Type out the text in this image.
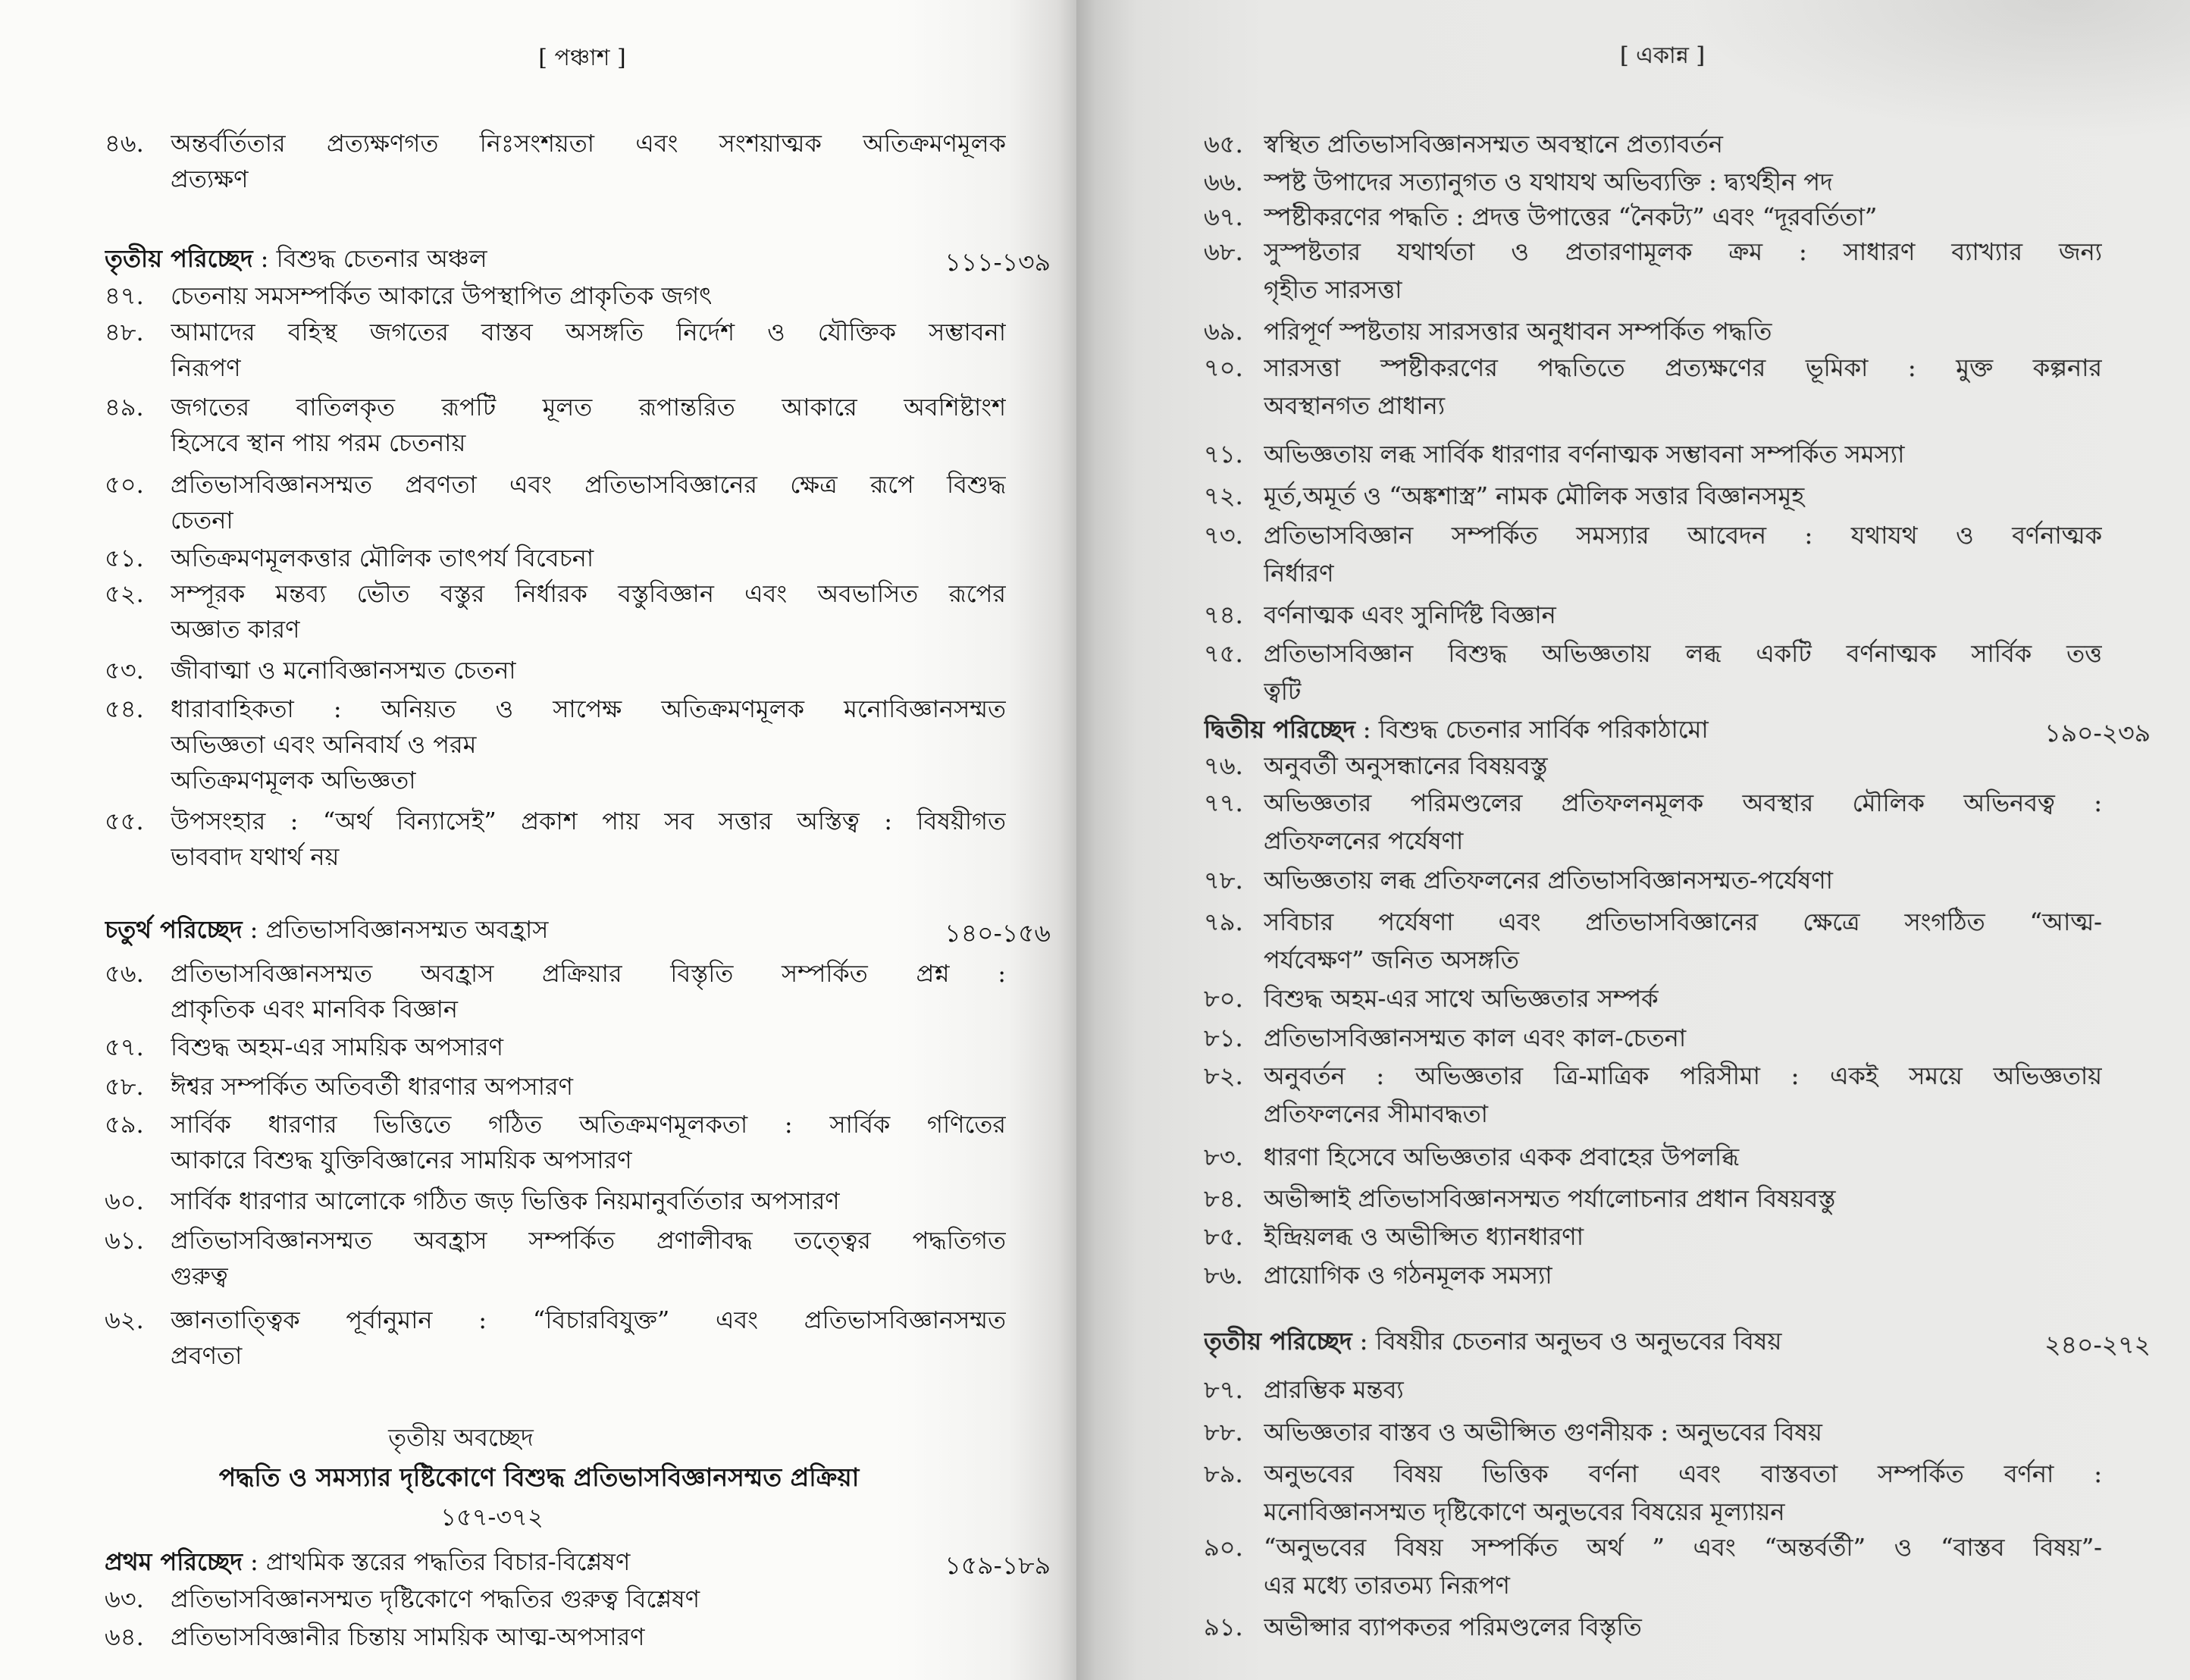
[ পঞ্চাশ ]
৪৬.	অন্তর্বর্তিতার প্রত্যক্ষণগত নিঃসংশয়তা এবং সংশয়াত্মক অতিক্রমণমূলক
প্রত্যক্ষণ
তৃতীয় পরিচ্ছেদ : বিশুদ্ধ চেতনার অঞ্চল	১১১-১৩৯
৪৭.	চেতনায় সমসম্পর্কিত আকারে উপস্থাপিত প্রাকৃতিক জগৎ
৪৮.	আমাদের বহিস্থ জগতের বাস্তব অসঙ্গতি নির্দেশ ও যৌক্তিক সম্ভাবনা
নিরূপণ
৪৯.	জগতের বাতিলকৃত রূপটি মূলত রূপান্তরিত আকারে অবশিষ্টাংশ
হিসেবে স্থান পায় পরম চেতনায়
৫০.	প্রতিভাসবিজ্ঞানসম্মত প্রবণতা এবং প্রতিভাসবিজ্ঞানের ক্ষেত্র রূপে বিশুদ্ধ
চেতনা
৫১.	অতিক্রমণমূলকত্তার মৌলিক তাৎপর্য বিবেচনা
৫২.	সম্পূরক মন্তব্য ভৌত বস্তুর নির্ধারক বস্তুবিজ্ঞান এবং অবভাসিত রূপের
অজ্ঞাত কারণ
৫৩.	জীবাত্মা ও মনোবিজ্ঞানসম্মত চেতনা
৫৪.	ধারাবাহিকতা : অনিয়ত ও সাপেক্ষ অতিক্রমণমূলক মনোবিজ্ঞানসম্মত
অভিজ্ঞতা এবং অনিবার্য ও পরম
অতিক্রমণমূলক অভিজ্ঞতা
৫৫.	উপসংহার : “অর্থ বিন্যাসেই” প্রকাশ পায় সব সত্তার অস্তিত্ব : বিষয়ীগত
ভাববাদ যথার্থ নয়
চতুর্থ পরিচ্ছেদ : প্রতিভাসবিজ্ঞানসম্মত অবহ্রাস	১৪০-১৫৬
৫৬.	প্রতিভাসবিজ্ঞানসম্মত অবহ্রাস প্রক্রিয়ার বিস্তৃতি সম্পর্কিত প্রশ্ন :
প্রাকৃতিক এবং মানবিক বিজ্ঞান
৫৭.	বিশুদ্ধ অহম-এর সাময়িক অপসারণ
৫৮.	ঈশ্বর সম্পর্কিত অতিবর্তী ধারণার অপসারণ
৫৯.	সার্বিক ধারণার ভিত্তিতে গঠিত অতিক্রমণমূলকতা : সার্বিক গণিতের
আকারে বিশুদ্ধ যুক্তিবিজ্ঞানের সাময়িক অপসারণ
৬০.	সার্বিক ধারণার আলোকে গঠিত জড় ভিত্তিক নিয়মানুবর্তিতার অপসারণ
৬১.	প্রতিভাসবিজ্ঞানসম্মত অবহ্রাস সম্পর্কিত প্রণালীবদ্ধ তত্ত্বের পদ্ধতিগত
গুরুত্ব
৬২.	জ্ঞানতাত্ত্বিক পূর্বানুমান : “বিচারবিযুক্ত” এবং প্রতিভাসবিজ্ঞানসম্মত
প্রবণতা
তৃতীয় অবচ্ছেদ
পদ্ধতি ও সমস্যার দৃষ্টিকোণে বিশুদ্ধ প্রতিভাসবিজ্ঞানসম্মত প্রক্রিয়া
১৫৭-৩৭২
প্রথম পরিচ্ছেদ : প্রাথমিক স্তরের পদ্ধতির বিচার-বিশ্লেষণ	১৫৯-১৮৯
৬৩.	প্রতিভাসবিজ্ঞানসম্মত দৃষ্টিকোণে পদ্ধতির গুরুত্ব বিশ্লেষণ
৬৪.	প্রতিভাসবিজ্ঞানীর চিন্তায় সাময়িক আত্ম-অপসারণ
[ একান্ন ]
৬৫. স্বস্থিত প্রতিভাসবিজ্ঞানসম্মত অবস্থানে প্রত্যাবর্তন
৬৬. স্পষ্ট উপাদের সত্যানুগত ও যথাযথ অভিব্যক্তি : দ্ব্যর্থহীন পদ
৬৭. স্পষ্টীকরণের পদ্ধতি : প্রদত্ত উপাত্তের “নৈকট্য” এবং “দূরবর্তিতা”
৬৮. সুস্পষ্টতার যথার্থতা ও প্রতারণামূলক ক্রম : সাধারণ ব্যাখ্যার জন্য
গৃহীত সারসত্তা
৬৯. পরিপূর্ণ স্পষ্টতায় সারসত্তার অনুধাবন সম্পর্কিত পদ্ধতি
৭০. সারসত্তা স্পষ্টীকরণের পদ্ধতিতে প্রত্যক্ষণের ভূমিকা : মুক্ত কল্পনার
অবস্থানগত প্রাধান্য
৭১. অভিজ্ঞতায় লব্ধ সার্বিক ধারণার বর্ণনাত্মক সম্ভাবনা সম্পর্কিত সমস্যা
৭২. মূর্ত,অমূর্ত ও “অঙ্কশাস্ত্র” নামক মৌলিক সত্তার বিজ্ঞানসমূহ
৭৩. প্রতিভাসবিজ্ঞান সম্পর্কিত সমস্যার আবেদন : যথাযথ ও বর্ণনাত্মক
নির্ধারণ
৭৪. বর্ণনাত্মক এবং সুনির্দিষ্ট বিজ্ঞান
৭৫. প্রতিভাসবিজ্ঞান বিশুদ্ধ অভিজ্ঞতায় লব্ধ একটি বর্ণনাত্মক সার্বিক তত্ত
ত্বটি
দ্বিতীয় পরিচ্ছেদ : বিশুদ্ধ চেতনার সার্বিক পরিকাঠামো	১৯০-২৩৯
৭৬. অনুবর্তী অনুসন্ধানের বিষয়বস্তু
৭৭. অভিজ্ঞতার পরিমণ্ডলের প্রতিফলনমূলক অবস্থার মৌলিক অভিনবত্ব :
প্রতিফলনের পর্যেষণা
৭৮. অভিজ্ঞতায় লব্ধ প্রতিফলনের প্রতিভাসবিজ্ঞানসম্মত-পর্যেষণা
৭৯. সবিচার পর্যেষণা এবং প্রতিভাসবিজ্ঞানের ক্ষেত্রে সংগঠিত “আত্ম-
পর্যবেক্ষণ” জনিত অসঙ্গতি
৮০. বিশুদ্ধ অহম-এর সাথে অভিজ্ঞতার সম্পর্ক
৮১. প্রতিভাসবিজ্ঞানসম্মত কাল এবং কাল-চেতনা
৮২. অনুবর্তন : অভিজ্ঞতার ত্রি-মাত্রিক পরিসীমা : একই সময়ে অভিজ্ঞতায়
প্রতিফলনের সীমাবদ্ধতা
৮৩. ধারণা হিসেবে অভিজ্ঞতার একক প্রবাহের উপলব্ধি
৮৪. অভীপ্সাই প্রতিভাসবিজ্ঞানসম্মত পর্যালোচনার প্রধান বিষয়বস্তু
৮৫. ইন্দ্রিয়লব্ধ ও অভীপ্সিত ধ্যানধারণা
৮৬. প্রায়োগিক ও গঠনমূলক সমস্যা
তৃতীয় পরিচ্ছেদ : বিষয়ীর চেতনার অনুভব ও অনুভবের বিষয়	২৪০-২৭২
৮৭. প্রারম্ভিক মন্তব্য
৮৮. অভিজ্ঞতার বাস্তব ও অভীপ্সিত গুণনীয়ক : অনুভবের বিষয়
৮৯. অনুভবের বিষয় ভিত্তিক বর্ণনা এবং বাস্তবতা সম্পর্কিত বর্ণনা :
মনোবিজ্ঞানসম্মত দৃষ্টিকোণে অনুভবের বিষয়ের মূল্যায়ন
৯০. “অনুভবের বিষয় সম্পর্কিত অর্থ ” এবং “অন্তর্বর্তী” ও “বাস্তব বিষয়”-
এর মধ্যে তারতম্য নিরূপণ
৯১. অভীপ্সার ব্যাপকতর পরিমণ্ডলের বিস্তৃতি
